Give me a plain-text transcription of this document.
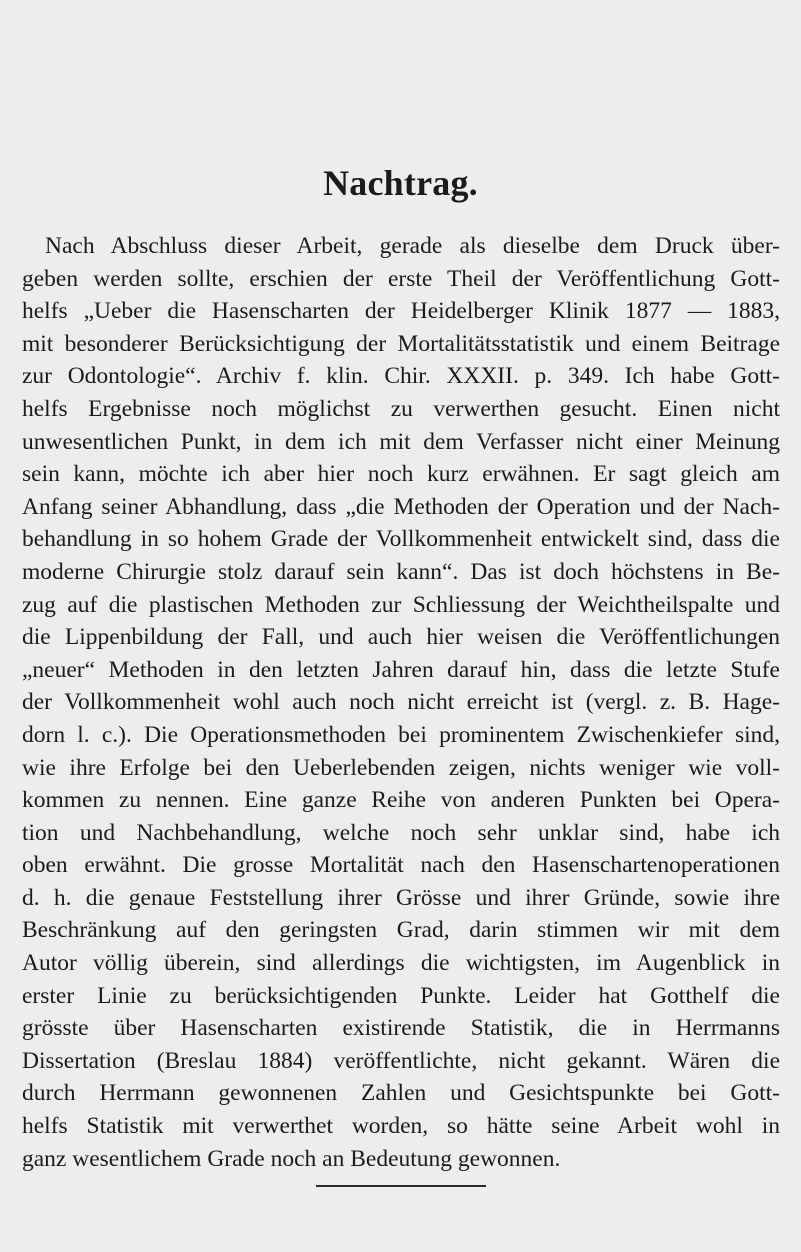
Nachtrag.
Nach Abschluss dieser Arbeit, gerade als dieselbe dem Druck über-
geben werden sollte, erschien der erste Theil der Veröffentlichung Gott-
helfs „Ueber die Hasenscharten der Heidelberger Klinik 1877 — 1883,
mit besonderer Berücksichtigung der Mortalitätsstatistik und einem Beitrage
zur Odontologie“. Archiv f. klin. Chir. XXXII. p. 349. Ich habe Gott-
helfs Ergebnisse noch möglichst zu verwerthen gesucht. Einen nicht
unwesentlichen Punkt, in dem ich mit dem Verfasser nicht einer Meinung
sein kann, möchte ich aber hier noch kurz erwähnen. Er sagt gleich am
Anfang seiner Abhandlung, dass „die Methoden der Operation und der Nach-
behandlung in so hohem Grade der Vollkommenheit entwickelt sind, dass die
moderne Chirurgie stolz darauf sein kann“. Das ist doch höchstens in Be-
zug auf die plastischen Methoden zur Schliessung der Weichtheilspalte und
die Lippenbildung der Fall, und auch hier weisen die Veröffentlichungen
„neuer“ Methoden in den letzten Jahren darauf hin, dass die letzte Stufe
der Vollkommenheit wohl auch noch nicht erreicht ist (vergl. z. B. Hage-
dorn l. c.). Die Operationsmethoden bei prominentem Zwischenkiefer sind,
wie ihre Erfolge bei den Ueberlebenden zeigen, nichts weniger wie voll-
kommen zu nennen. Eine ganze Reihe von anderen Punkten bei Opera-
tion und Nachbehandlung, welche noch sehr unklar sind, habe ich
oben erwähnt. Die grosse Mortalität nach den Hasenschartenoperationen
d. h. die genaue Feststellung ihrer Grösse und ihrer Gründe, sowie ihre
Beschränkung auf den geringsten Grad, darin stimmen wir mit dem
Autor völlig überein, sind allerdings die wichtigsten, im Augenblick in
erster Linie zu berücksichtigenden Punkte. Leider hat Gotthelf die
grösste über Hasenscharten existirende Statistik, die in Herrmanns
Dissertation (Breslau 1884) veröffentlichte, nicht gekannt. Wären die
durch Herrmann gewonnenen Zahlen und Gesichtspunkte bei Gott-
helfs Statistik mit verwerthet worden, so hätte seine Arbeit wohl in
ganz wesentlichem Grade noch an Bedeutung gewonnen.
